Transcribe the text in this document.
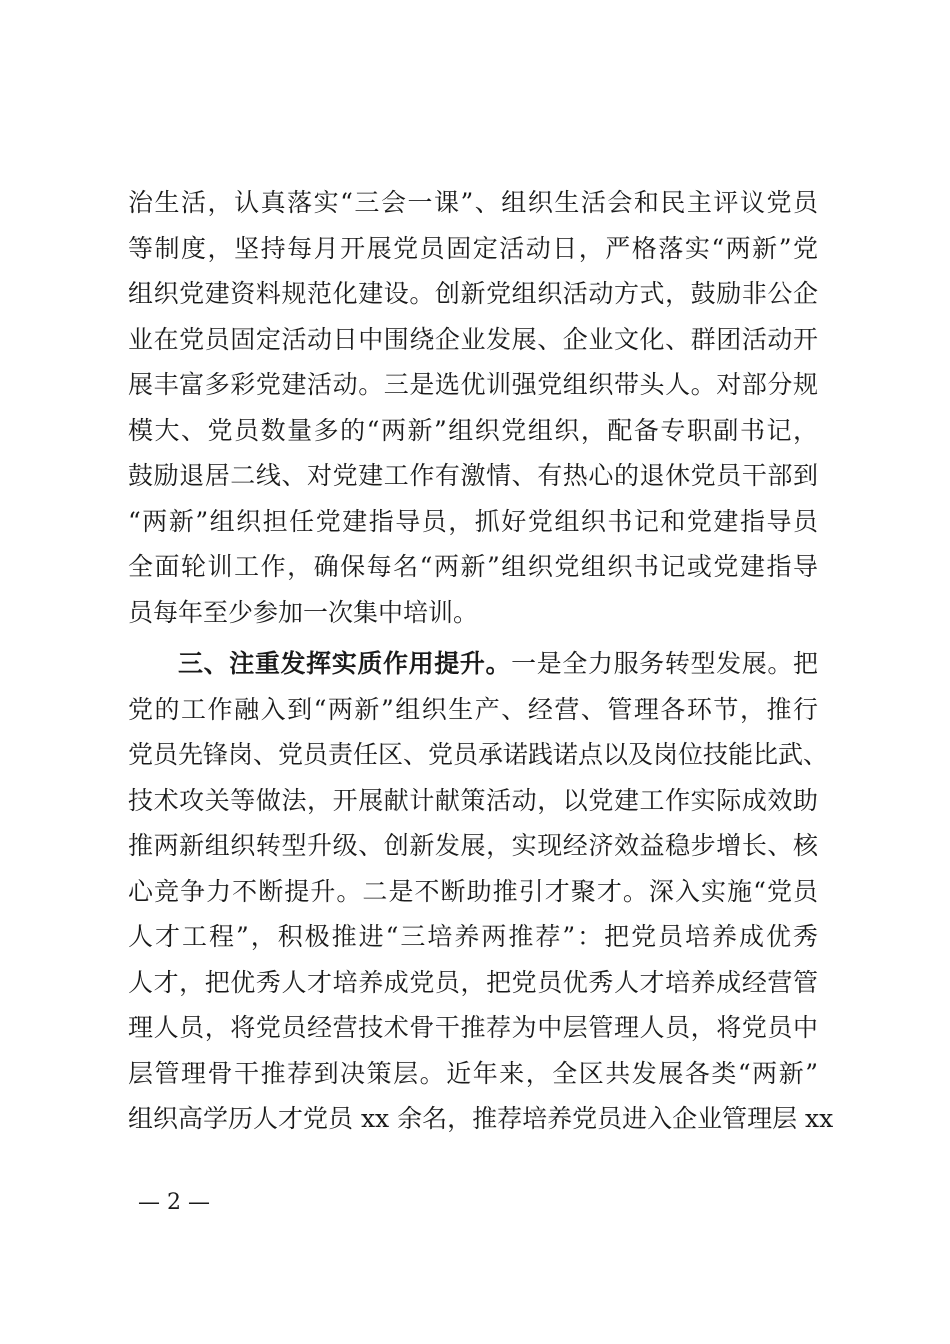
治生活，认真落实“三会一课”、组织生活会和民主评议党员
等制度，坚持每月开展党员固定活动日，严格落实“两新”党
组织党建资料规范化建设。创新党组织活动方式，鼓励非公企
业在党员固定活动日中围绕企业发展、企业文化、群团活动开
展丰富多彩党建活动。三是选优训强党组织带头人。对部分规
模大、党员数量多的“两新”组织党组织，配备专职副书记，
鼓励退居二线、对党建工作有激情、有热心的退休党员干部到
“两新”组织担任党建指导员，抓好党组织书记和党建指导员
全面轮训工作，确保每名“两新”组织党组织书记或党建指导
员每年至少参加一次集中培训。
三、注重发挥实质作用提升。一是全力服务转型发展。把
党的工作融入到“两新”组织生产、经营、管理各环节，推行
党员先锋岗、党员责任区、党员承诺践诺点以及岗位技能比武、
技术攻关等做法，开展献计献策活动，以党建工作实际成效助
推两新组织转型升级、创新发展，实现经济效益稳步增长、核
心竞争力不断提升。二是不断助推引才聚才。深入实施“党员
人才工程”，积极推进“三培养两推荐”：把党员培养成优秀
人才，把优秀人才培养成党员，把党员优秀人才培养成经营管
理人员，将党员经营技术骨干推荐为中层管理人员，将党员中
层管理骨干推荐到决策层。近年来，全区共发展各类“两新”
组织高学历人才党员 xx 余名，推荐培养党员进入企业管理层 xx
— 2 —
